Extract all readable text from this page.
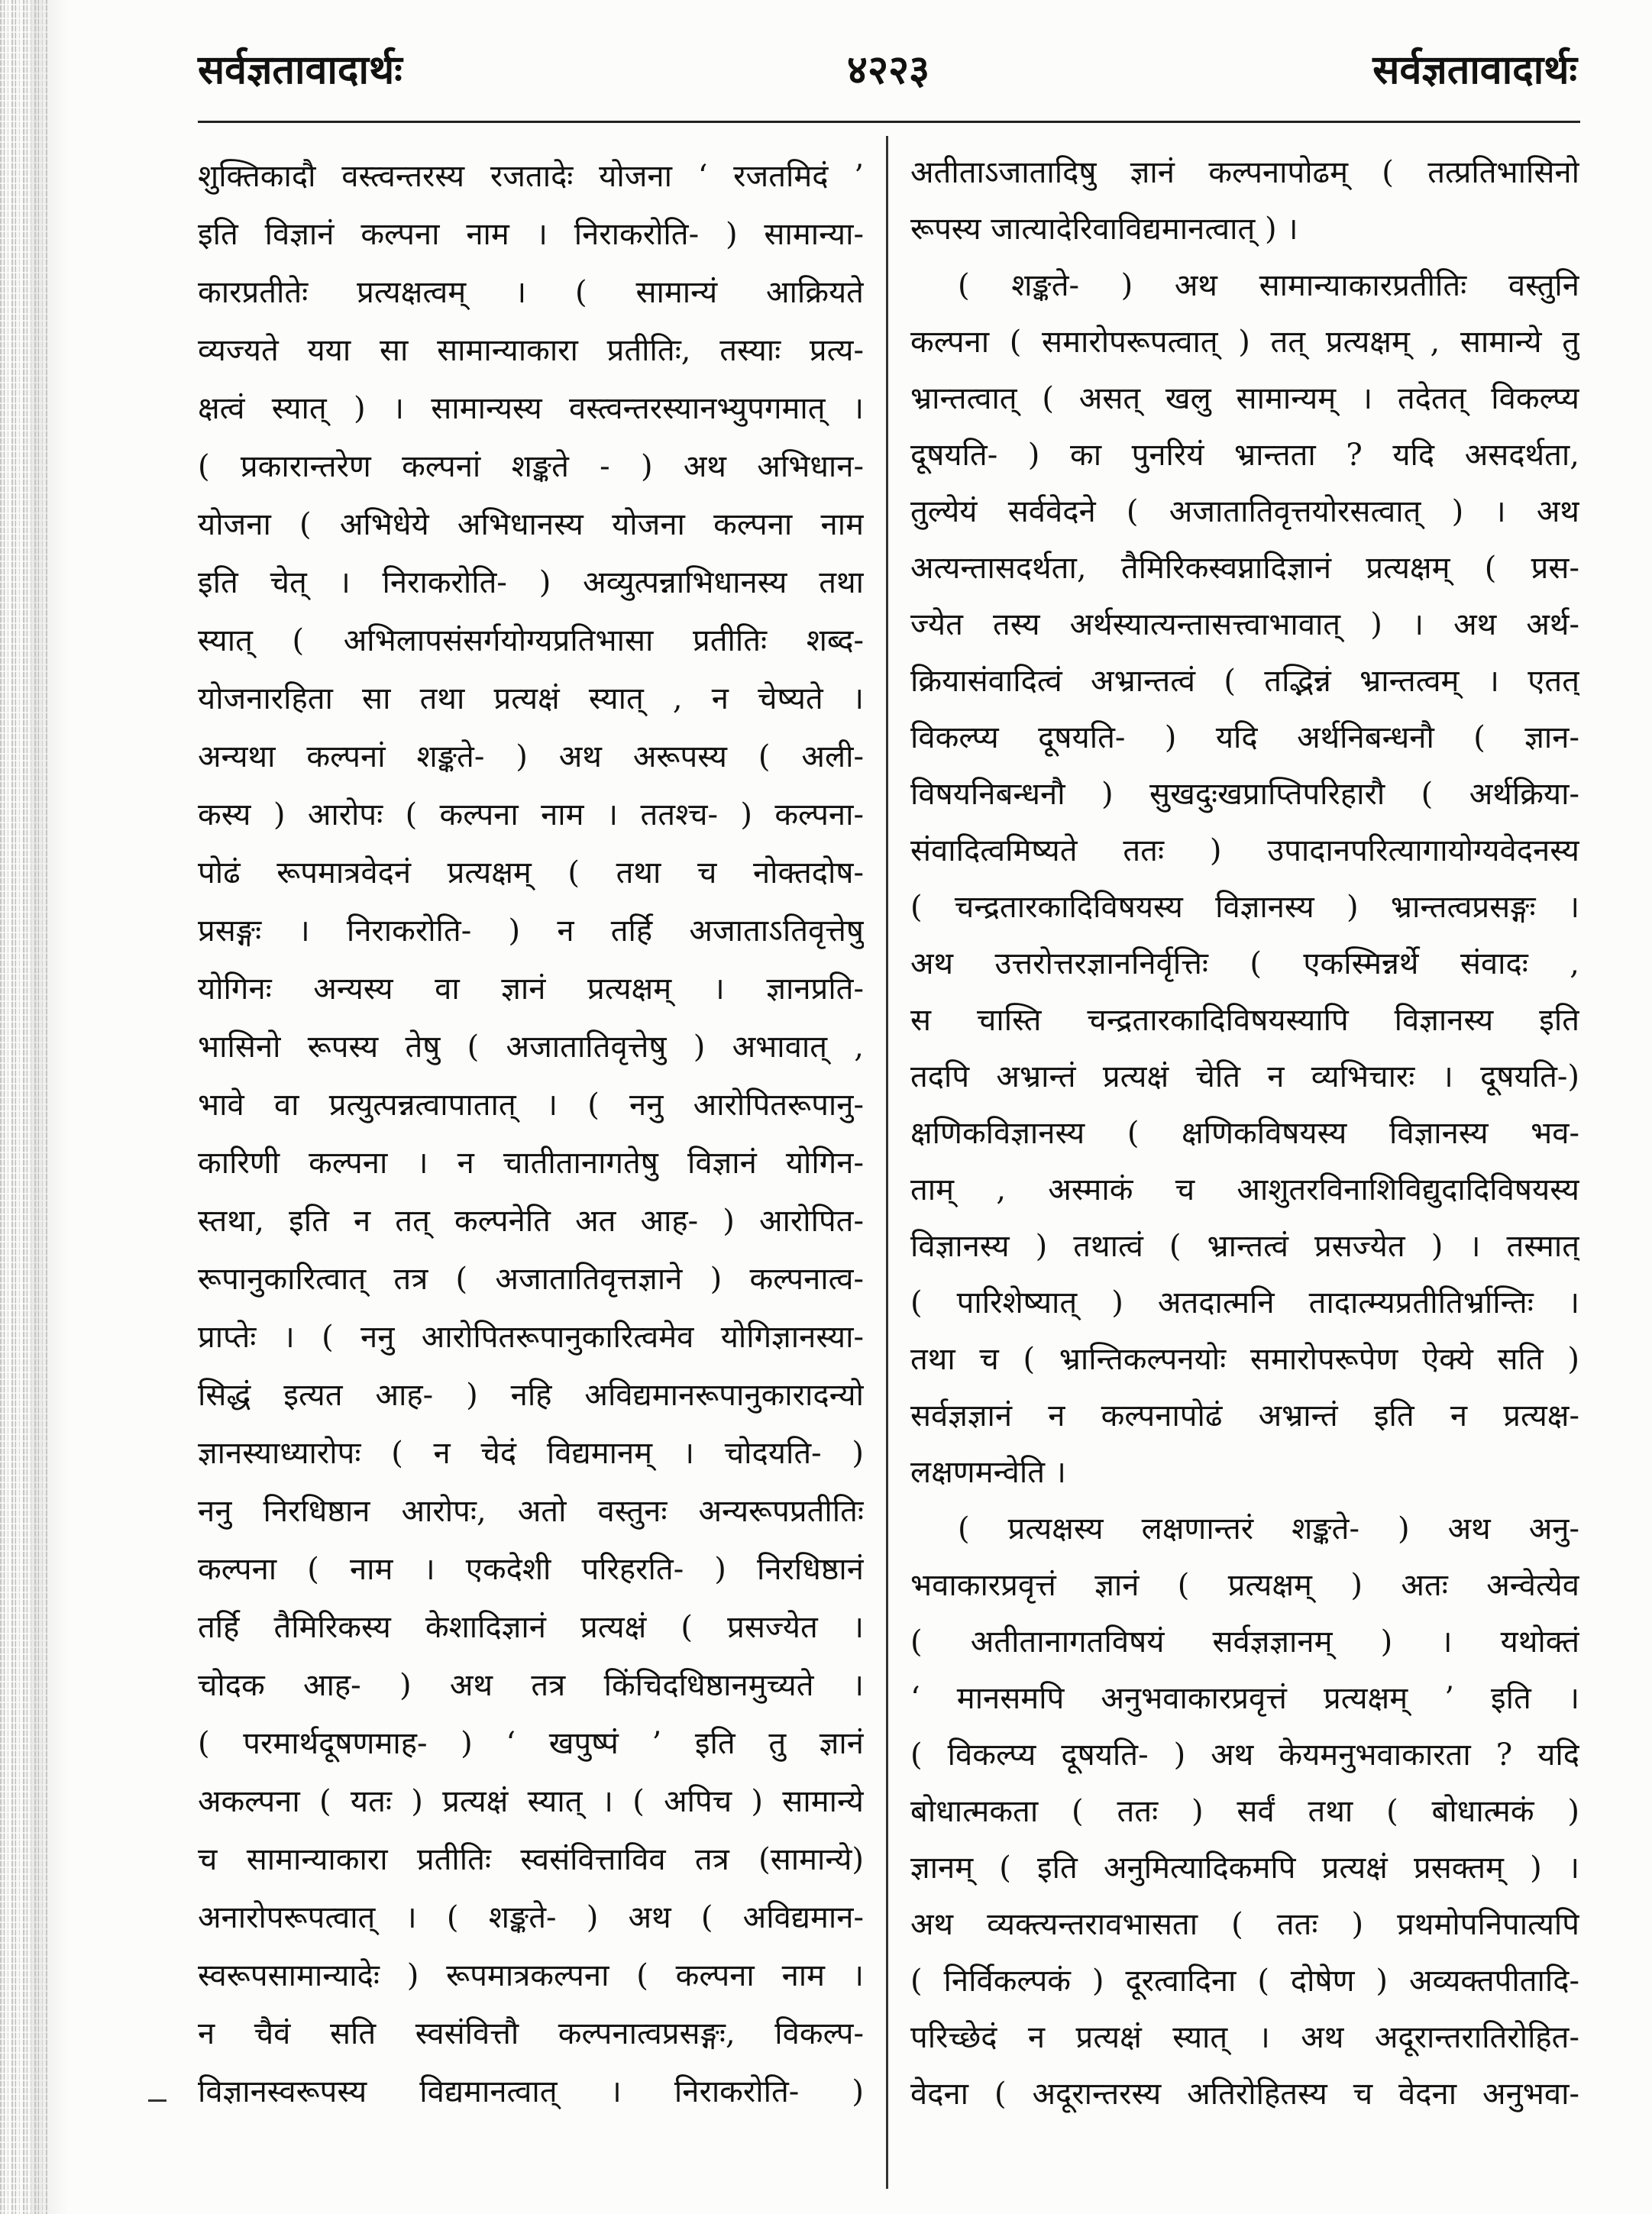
सर्वज्ञतावादार्थः	४२२३	सर्वज्ञतावादार्थः
शुक्तिकादौ वस्त्वन्तरस्य रजतादेः योजना ‘ रजतमिदं ’
इति विज्ञानं कल्पना नाम । निराकरोति- ) सामान्या-
कारप्रतीतेः प्रत्यक्षत्वम् । ( सामान्यं आक्रियते
व्यज्यते यया सा सामान्याकारा प्रतीतिः, तस्याः प्रत्य-
क्षत्वं स्यात् ) । सामान्यस्य वस्त्वन्तरस्यानभ्युपगमात् ।
( प्रकारान्तरेण कल्पनां शङ्कते - ) अथ अभिधान-
योजना ( अभिधेये अभिधानस्य योजना कल्पना नाम
इति चेत् । निराकरोति- ) अव्युत्पन्नाभिधानस्य तथा
स्यात् ( अभिलापसंसर्गयोग्यप्रतिभासा प्रतीतिः शब्द-
योजनारहिता सा तथा प्रत्यक्षं स्यात् , न चेष्यते ।
अन्यथा कल्पनां शङ्कते- ) अथ अरूपस्य ( अली-
कस्य ) आरोपः ( कल्पना नाम । ततश्च- ) कल्पना-
पोढं रूपमात्रवेदनं प्रत्यक्षम् ( तथा च नोक्तदोष-
प्रसङ्गः । निराकरोति- ) न तर्हि अजाताऽतिवृत्तेषु
योगिनः अन्यस्य वा ज्ञानं प्रत्यक्षम् । ज्ञानप्रति-
भासिनो रूपस्य तेषु ( अजातातिवृत्तेषु ) अभावात् ,
भावे वा प्रत्युत्पन्नत्वापातात् । ( ननु आरोपितरूपानु-
कारिणी कल्पना । न चातीतानागतेषु विज्ञानं योगिन-
स्तथा, इति न तत् कल्पनेति अत आह- ) आरोपित-
रूपानुकारित्वात् तत्र ( अजातातिवृत्तज्ञाने ) कल्पनात्व-
प्राप्तेः । ( ननु आरोपितरूपानुकारित्वमेव योगिज्ञानस्या-
सिद्धं इत्यत आह- ) नहि अविद्यमानरूपानुकारादन्यो
ज्ञानस्याध्यारोपः ( न चेदं विद्यमानम् । चोदयति- )
ननु निरधिष्ठान आरोपः, अतो वस्तुनः अन्यरूपप्रतीतिः
कल्पना ( नाम । एकदेशी परिहरति- ) निरधिष्ठानं
तर्हि तैमिरिकस्य केशादिज्ञानं प्रत्यक्षं ( प्रसज्येत ।
चोदक आह- ) अथ तत्र किंचिदधिष्ठानमुच्यते ।
( परमार्थदूषणमाह- ) ‘ खपुष्पं ’ इति तु ज्ञानं
अकल्पना ( यतः ) प्रत्यक्षं स्यात् । ( अपिच ) सामान्ये
च सामान्याकारा प्रतीतिः स्वसंवित्ताविव तत्र (सामान्ये)
अनारोपरूपत्वात् । ( शङ्कते- ) अथ ( अविद्यमान-
स्वरूपसामान्यादेः ) रूपमात्रकल्पना ( कल्पना नाम ।
न चैवं सति स्वसंवित्तौ कल्पनात्वप्रसङ्गः, विकल्प-
विज्ञानस्वरूपस्य विद्यमानत्वात् । निराकरोति- )
अतीताऽजातादिषु ज्ञानं कल्पनापोढम् ( तत्प्रतिभासिनो
रूपस्य जात्यादेरिवाविद्यमानत्वात् ) ।
( शङ्कते- ) अथ सामान्याकारप्रतीतिः वस्तुनि
कल्पना ( समारोपरूपत्वात् ) तत् प्रत्यक्षम् , सामान्ये तु
भ्रान्तत्वात् ( असत् खलु सामान्यम् । तदेतत् विकल्प्य
दूषयति- ) का पुनरियं भ्रान्तता ? यदि असदर्थता,
तुल्येयं सर्ववेदने ( अजातातिवृत्तयोरसत्वात् ) । अथ
अत्यन्तासदर्थता, तैमिरिकस्वप्नादिज्ञानं प्रत्यक्षम् ( प्रस-
ज्येत तस्य अर्थस्यात्यन्तासत्त्वाभावात् ) । अथ अर्थ-
क्रियासंवादित्वं अभ्रान्तत्वं ( तद्भिन्नं भ्रान्तत्वम् । एतत्
विकल्प्य दूषयति- ) यदि अर्थनिबन्धनौ ( ज्ञान-
विषयनिबन्धनौ ) सुखदुःखप्राप्तिपरिहारौ ( अर्थक्रिया-
संवादित्वमिष्यते ततः ) उपादानपरित्यागायोग्यवेदनस्य
( चन्द्रतारकादिविषयस्य विज्ञानस्य ) भ्रान्तत्वप्रसङ्गः ।
अथ उत्तरोत्तरज्ञाननिर्वृत्तिः ( एकस्मिन्नर्थे संवादः ,
स चास्ति चन्द्रतारकादिविषयस्यापि विज्ञानस्य इति
तदपि अभ्रान्तं प्रत्यक्षं चेति न व्यभिचारः । दूषयति-)
क्षणिकविज्ञानस्य ( क्षणिकविषयस्य विज्ञानस्य भव-
ताम् , अस्माकं च आशुतरविनाशिविद्युदादिविषयस्य
विज्ञानस्य ) तथात्वं ( भ्रान्तत्वं प्रसज्येत ) । तस्मात्
( पारिशेष्यात् ) अतदात्मनि तादात्म्यप्रतीतिर्भ्रान्तिः ।
तथा च ( भ्रान्तिकल्पनयोः समारोपरूपेण ऐक्ये सति )
सर्वज्ञज्ञानं न कल्पनापोढं अभ्रान्तं इति न प्रत्यक्ष-
लक्षणमन्वेति ।
( प्रत्यक्षस्य लक्षणान्तरं शङ्कते- ) अथ अनु-
भवाकारप्रवृत्तं ज्ञानं ( प्रत्यक्षम् ) अतः अन्वेत्येव
( अतीतानागतविषयं सर्वज्ञज्ञानम् ) । यथोक्तं
‘ मानसमपि अनुभवाकारप्रवृत्तं प्रत्यक्षम् ’ इति ।
( विकल्प्य दूषयति- ) अथ केयमनुभवाकारता ? यदि
बोधात्मकता ( ततः ) सर्वं तथा ( बोधात्मकं )
ज्ञानम् ( इति अनुमित्यादिकमपि प्रत्यक्षं प्रसक्तम् ) ।
अथ व्यक्त्यन्तरावभासता ( ततः ) प्रथमोपनिपात्यपि
( निर्विकल्पकं ) दूरत्वादिना ( दोषेण ) अव्यक्तपीतादि-
परिच्छेदं न प्रत्यक्षं स्यात् । अथ अदूरान्तरातिरोहित-
वेदना ( अदूरान्तरस्य अतिरोहितस्य च वेदना अनुभवा-
